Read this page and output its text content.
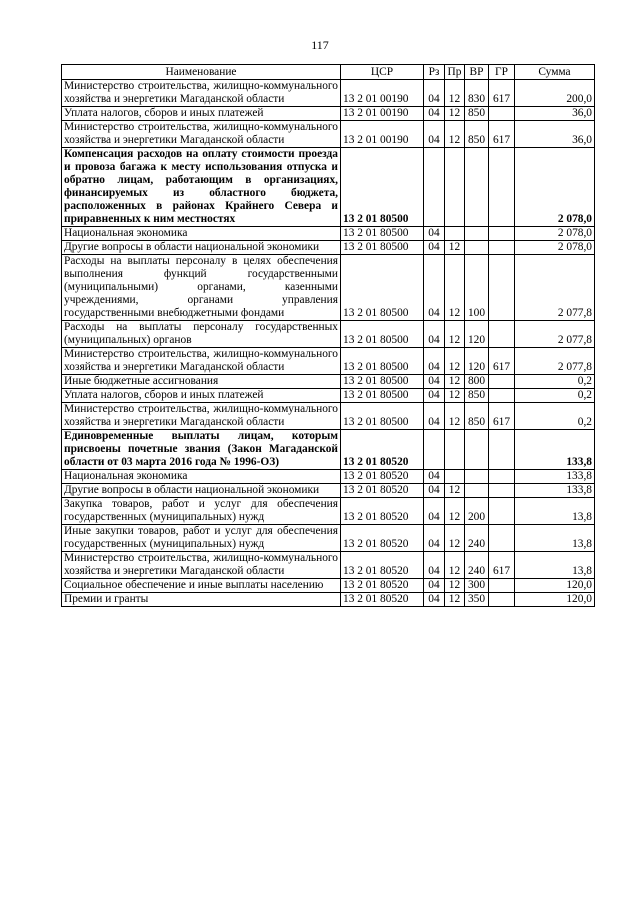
117
Наименование	ЦСР	Рз	Пр	ВР	ГР	Сумма
Министерство строительства, жилищно-коммунального хозяйства и энергетики Магаданской области	13 2 01 00190	04	12	830	617	200,0
Уплата налогов, сборов и иных платежей	13 2 01 00190	04	12	850		36,0
Министерство строительства, жилищно-коммунального хозяйства и энергетики Магаданской области	13 2 01 00190	04	12	850	617	36,0
Компенсация расходов на оплату стоимости проезда и провоза багажа к месту использования отпуска и обратно лицам, работающим в организациях, финансируемых из областного бюджета, расположенных в районах Крайнего Севера и приравненных к ним местностях	13 2 01 80500					2 078,0
Национальная экономика	13 2 01 80500	04				2 078,0
Другие вопросы в области национальной экономики	13 2 01 80500	04	12			2 078,0
Расходы на выплаты персоналу в целях обеспечения выполнения функций государственными (муниципальными) органами, казенными учреждениями, органами управления государственными внебюджетными фондами	13 2 01 80500	04	12	100		2 077,8
Расходы на выплаты персоналу государственных (муниципальных) органов	13 2 01 80500	04	12	120		2 077,8
Министерство строительства, жилищно-коммунального хозяйства и энергетики Магаданской области	13 2 01 80500	04	12	120	617	2 077,8
Иные бюджетные ассигнования	13 2 01 80500	04	12	800		0,2
Уплата налогов, сборов и иных платежей	13 2 01 80500	04	12	850		0,2
Министерство строительства, жилищно-коммунального хозяйства и энергетики Магаданской области	13 2 01 80500	04	12	850	617	0,2
Единовременные выплаты лицам, которым присвоены почетные звания (Закон Магаданской области от 03 марта 2016 года № 1996-ОЗ)	13 2 01 80520					133,8
Национальная экономика	13 2 01 80520	04				133,8
Другие вопросы в области национальной экономики	13 2 01 80520	04	12			133,8
Закупка товаров, работ и услуг для обеспечения государственных (муниципальных) нужд	13 2 01 80520	04	12	200		13,8
Иные закупки товаров, работ и услуг для обеспечения государственных (муниципальных) нужд	13 2 01 80520	04	12	240		13,8
Министерство строительства, жилищно-коммунального хозяйства и энергетики Магаданской области	13 2 01 80520	04	12	240	617	13,8
Социальное обеспечение и иные выплаты населению	13 2 01 80520	04	12	300		120,0
Премии и гранты	13 2 01 80520	04	12	350		120,0
